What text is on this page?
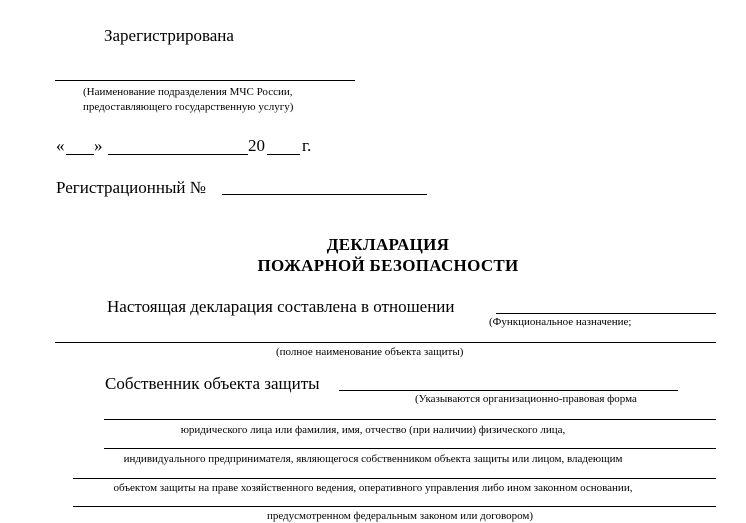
Зарегистрирована
(Наименование подразделения МЧС России,
предоставляющего государственную услугу)
« »	20 г.
Регистрационный №
ДЕКЛАРАЦИЯ
ПОЖАРНОЙ БЕЗОПАСНОСТИ
Настоящая декларация составлена в отношении
(Функциональное назначение;
(полное наименование объекта защиты)
Собственник объекта защиты
(Указываются организационно-правовая форма
юридического лица или фамилия, имя, отчество (при наличии) физического лица,
индивидуального предпринимателя, являющегося собственником объекта защиты или лицом, владеющим
объектом защиты на праве хозяйственного ведения, оперативного управления либо ином законном основании,
предусмотренном федеральным законом или договором)
